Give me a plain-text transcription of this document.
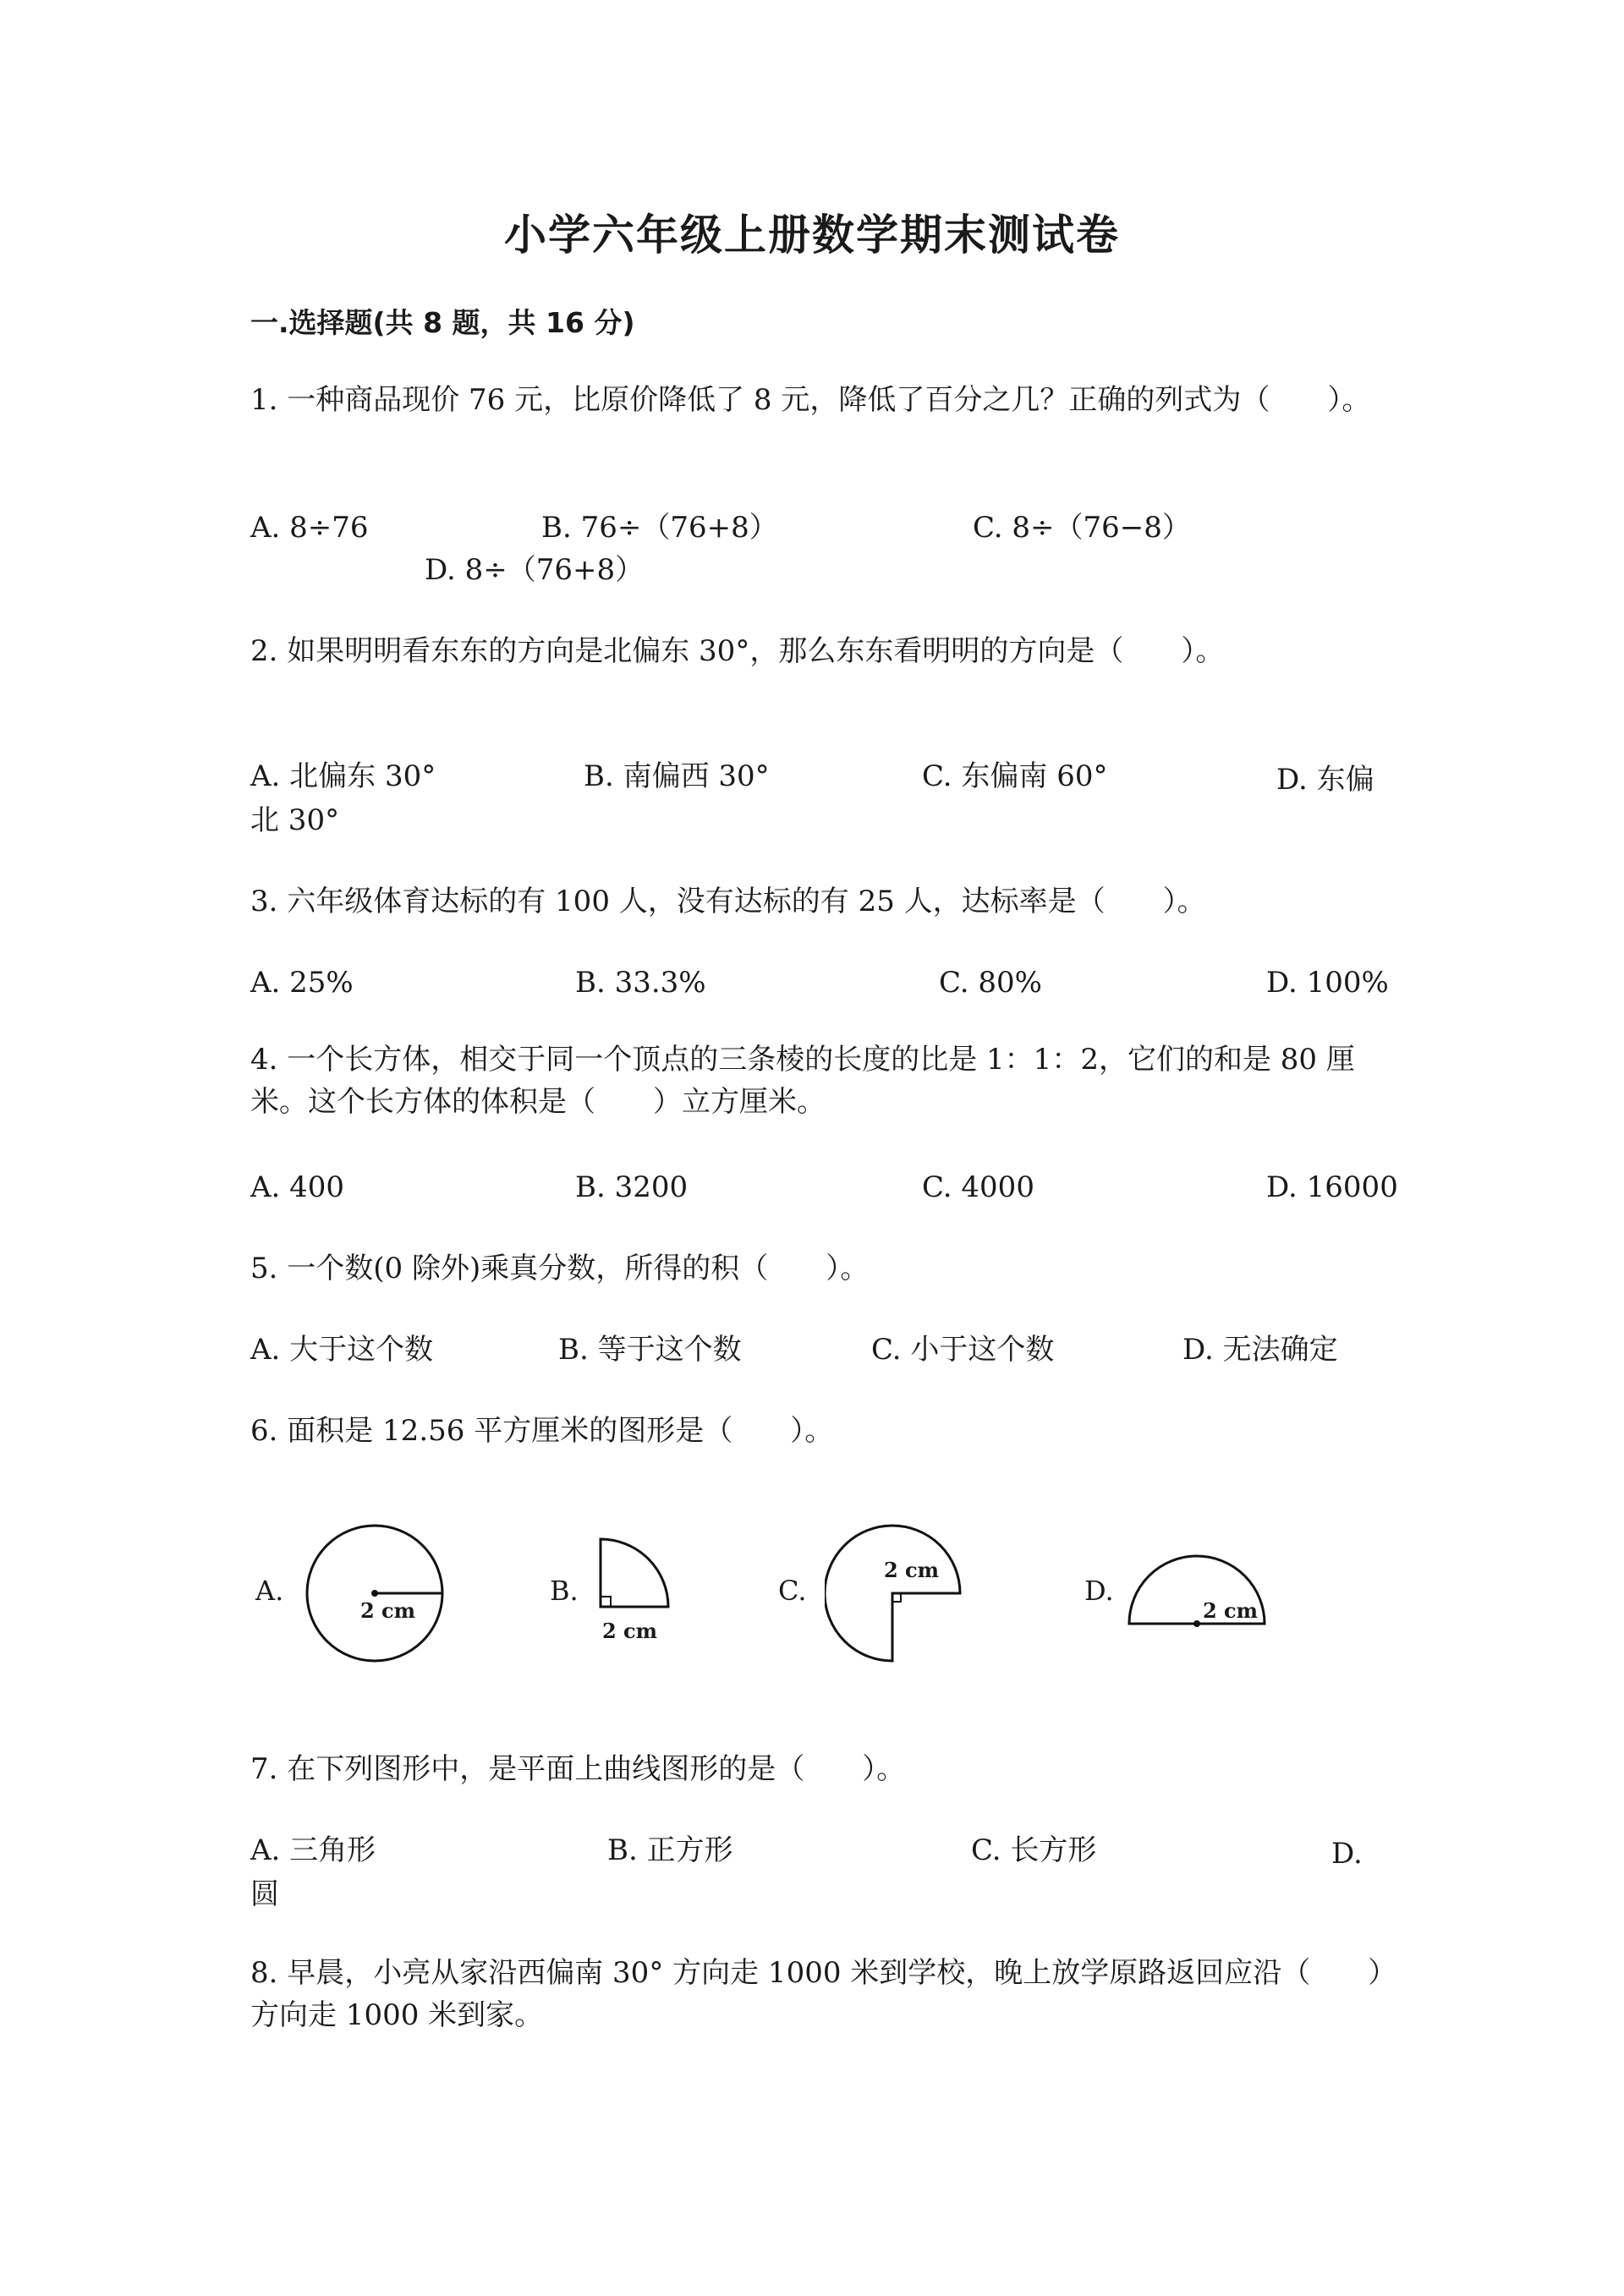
小学六年级上册数学期末测试卷
一.选择题(共 8 题，共 16 分)

1. 一种商品现价 76 元，比原价降低了 8 元，降低了百分之几？正确的列式为（　　）。

A. 8÷76	B. 76÷（76+8）	C. 8÷（76−8）
D. 8÷（76+8）

2. 如果明明看东东的方向是北偏东 30°，那么东东看明明的方向是（　　）。

A. 北偏东 30°	B. 南偏西 30°	C. 东偏南 60°	D. 东偏北 30°
3. 六年级体育达标的有 100 人，没有达标的有 25 人，达标率是（　　）。
A. 25%	B. 33.3%	C. 80%	D. 100%

4. 一个长方体，相交于同一个顶点的三条棱的长度的比是 1：1：2，它们的和是 80 厘米。这个长方体的体积是（　　）立方厘米。

A. 400	B. 3200	C. 4000	D. 16000
5. 一个数(0 除外)乘真分数，所得的积（　　）。
A. 大于这个数	B. 等于这个数	C. 小于这个数	D. 无法确定
6. 面积是 12.56 平方厘米的图形是（　　）。
A.
2 cm
B.
2 cm
C.
2 cm
D.
2 cm
7. 在下列图形中，是平面上曲线图形的是（　　）。
A. 三角形	B. 正方形	C. 长方形	D. 圆

8. 早晨，小亮从家沿西偏南 30° 方向走 1000 米到学校，晚上放学原路返回应沿（　　）方向走 1000 米到家。
